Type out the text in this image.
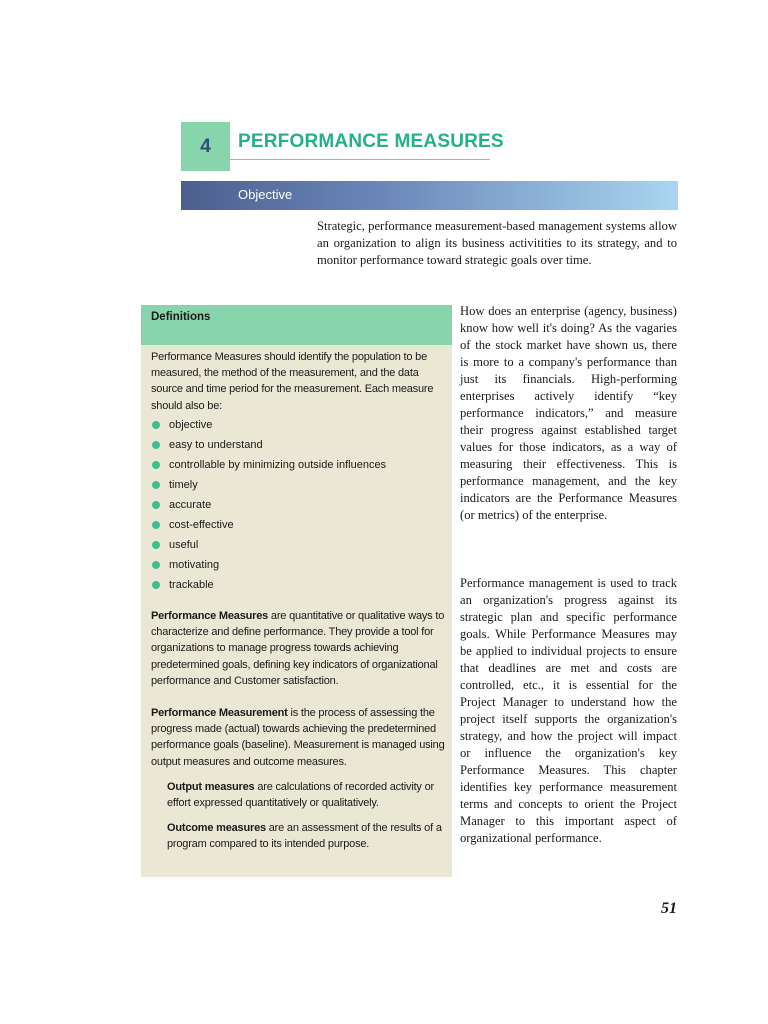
4 PERFORMANCE MEASURES
Objective

Strategic, performance measurement-based management systems allow an organization to align its business activitities to its strategy, and to monitor performance toward strategic goals over time.

Definitions

Performance Measures should identify the population to be measured, the method of the measurement, and the data source and time period for the measurement. Each measure should also be:

objective
easy to understand
controllable by minimizing outside influences
timely
accurate
cost-effective
useful
motivating
trackable

Performance Measures are quantitative or qualitative ways to characterize and define performance. They provide a tool for organizations to manage progress towards achieving predetermined goals, defining key indicators of organizational performance and Customer satisfaction.

Performance Measurement is the process of assessing the progress made (actual) towards achieving the predetermined performance goals (baseline). Measurement is managed using output measures and outcome measures.

Output measures are calculations of recorded activity or effort expressed quantitatively or qualitatively.

Outcome measures are an assessment of the results of a program compared to its intended purpose.

How does an enterprise (agency, business) know how well it's doing? As the vagaries of the stock market have shown us, there is more to a company's performance than just its financials. High-performing enterprises actively identify “key performance indicators,” and measure their progress against established target values for those indicators, as a way of measuring their effectiveness. This is performance management, and the key indicators are the Performance Measures (or metrics) of the enterprise.

Performance management is used to track an organization's progress against its strategic plan and specific performance goals. While Performance Measures may be applied to individual projects to ensure that deadlines are met and costs are controlled, etc., it is essential for the Project Manager to understand how the project itself supports the organization's strategy, and how the project will impact or influence the organization's key Performance Measures. This chapter identifies key performance measurement terms and concepts to orient the Project Manager to this important aspect of organizational performance.

51
